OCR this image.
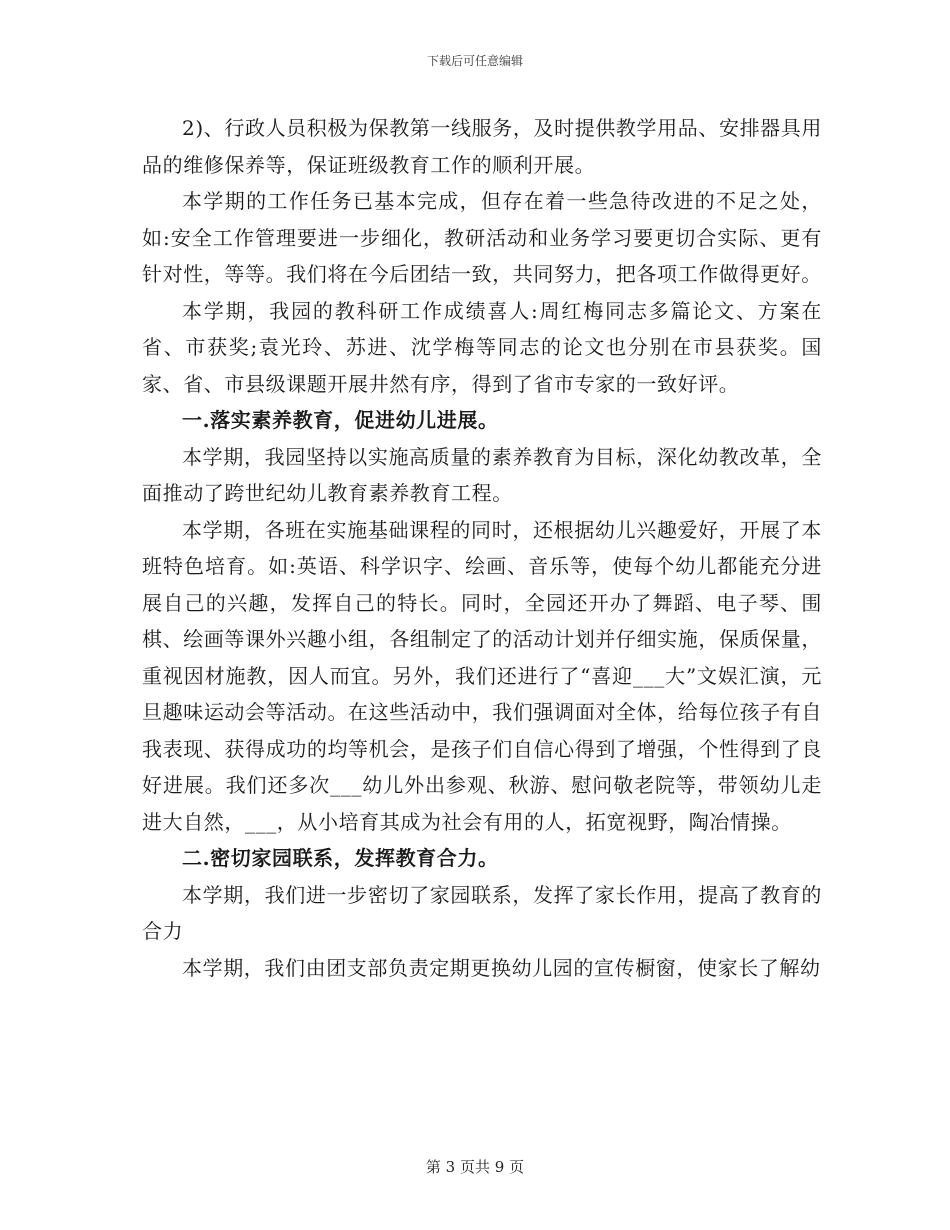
下载后可任意编辑

2)、行政人员积极为保教第一线服务，及时提供教学用品、安排器具用品的维修保养等，保证班级教育工作的顺利开展。

本学期的工作任务已基本完成，但存在着一些急待改进的不足之处，如:安全工作管理要进一步细化，教研活动和业务学习要更切合实际、更有针对性，等等。我们将在今后团结一致，共同努力，把各项工作做得更好。

本学期，我园的教科研工作成绩喜人:周红梅同志多篇论文、方案在省、市获奖;袁光玲、苏进、沈学梅等同志的论文也分别在市县获奖。国家、省、市县级课题开展井然有序，得到了省市专家的一致好评。

一.落实素养教育，促进幼儿进展。

本学期，我园坚持以实施高质量的素养教育为目标，深化幼教改革，全面推动了跨世纪幼儿教育素养教育工程。

本学期，各班在实施基础课程的同时，还根据幼儿兴趣爱好，开展了本班特色培育。如:英语、科学识字、绘画、音乐等，使每个幼儿都能充分进展自己的兴趣，发挥自己的特长。同时，全园还开办了舞蹈、电子琴、围棋、绘画等课外兴趣小组，各组制定了的活动计划并仔细实施，保质保量，重视因材施教，因人而宜。另外，我们还进行了“喜迎___大”文娱汇演，元旦趣味运动会等活动。在这些活动中，我们强调面对全体，给每位孩子有自我表现、获得成功的均等机会，是孩子们自信心得到了增强，个性得到了良好进展。我们还多次___幼儿外出参观、秋游、慰问敬老院等，带领幼儿走进大自然，___，从小培育其成为社会有用的人，拓宽视野，陶冶情操。

二.密切家园联系，发挥教育合力。

本学期，我们进一步密切了家园联系，发挥了家长作用，提高了教育的合力

本学期，我们由团支部负责定期更换幼儿园的宣传橱窗，使家长了解幼

第 3 页共 9 页
